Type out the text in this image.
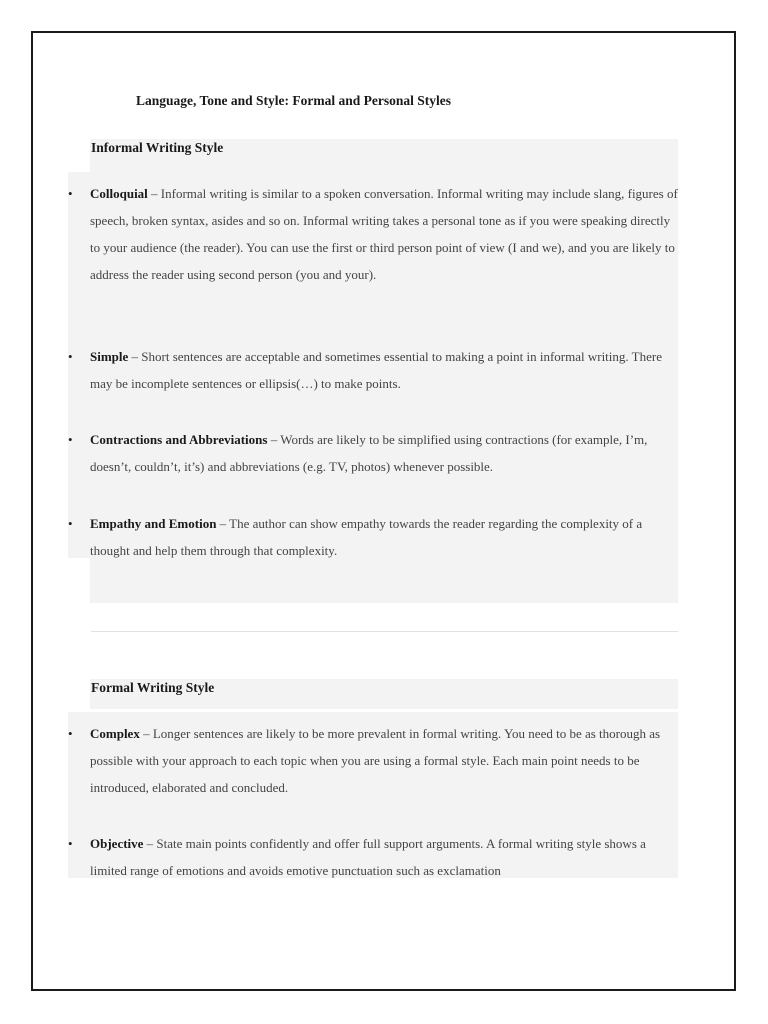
Language, Tone and Style: Formal and Personal Styles
Informal Writing Style
• Colloquial – Informal writing is similar to a spoken conversation. Informal writing may include slang, figures of speech, broken syntax, asides and so on. Informal writing takes a personal tone as if you were speaking directly to your audience (the reader). You can use the first or third person point of view (I and we), and you are likely to address the reader using second person (you and your).
• Simple – Short sentences are acceptable and sometimes essential to making a point in informal writing. There may be incomplete sentences or ellipsis(…) to make points.
• Contractions and Abbreviations – Words are likely to be simplified using contractions (for example, I’m, doesn’t, couldn’t, it’s) and abbreviations (e.g. TV, photos) whenever possible.
• Empathy and Emotion – The author can show empathy towards the reader regarding the complexity of a thought and help them through that complexity.
Formal Writing Style
• Complex – Longer sentences are likely to be more prevalent in formal writing. You need to be as thorough as possible with your approach to each topic when you are using a formal style. Each main point needs to be introduced, elaborated and concluded.
• Objective – State main points confidently and offer full support arguments. A formal writing style shows a limited range of emotions and avoids emotive punctuation such as exclamation
